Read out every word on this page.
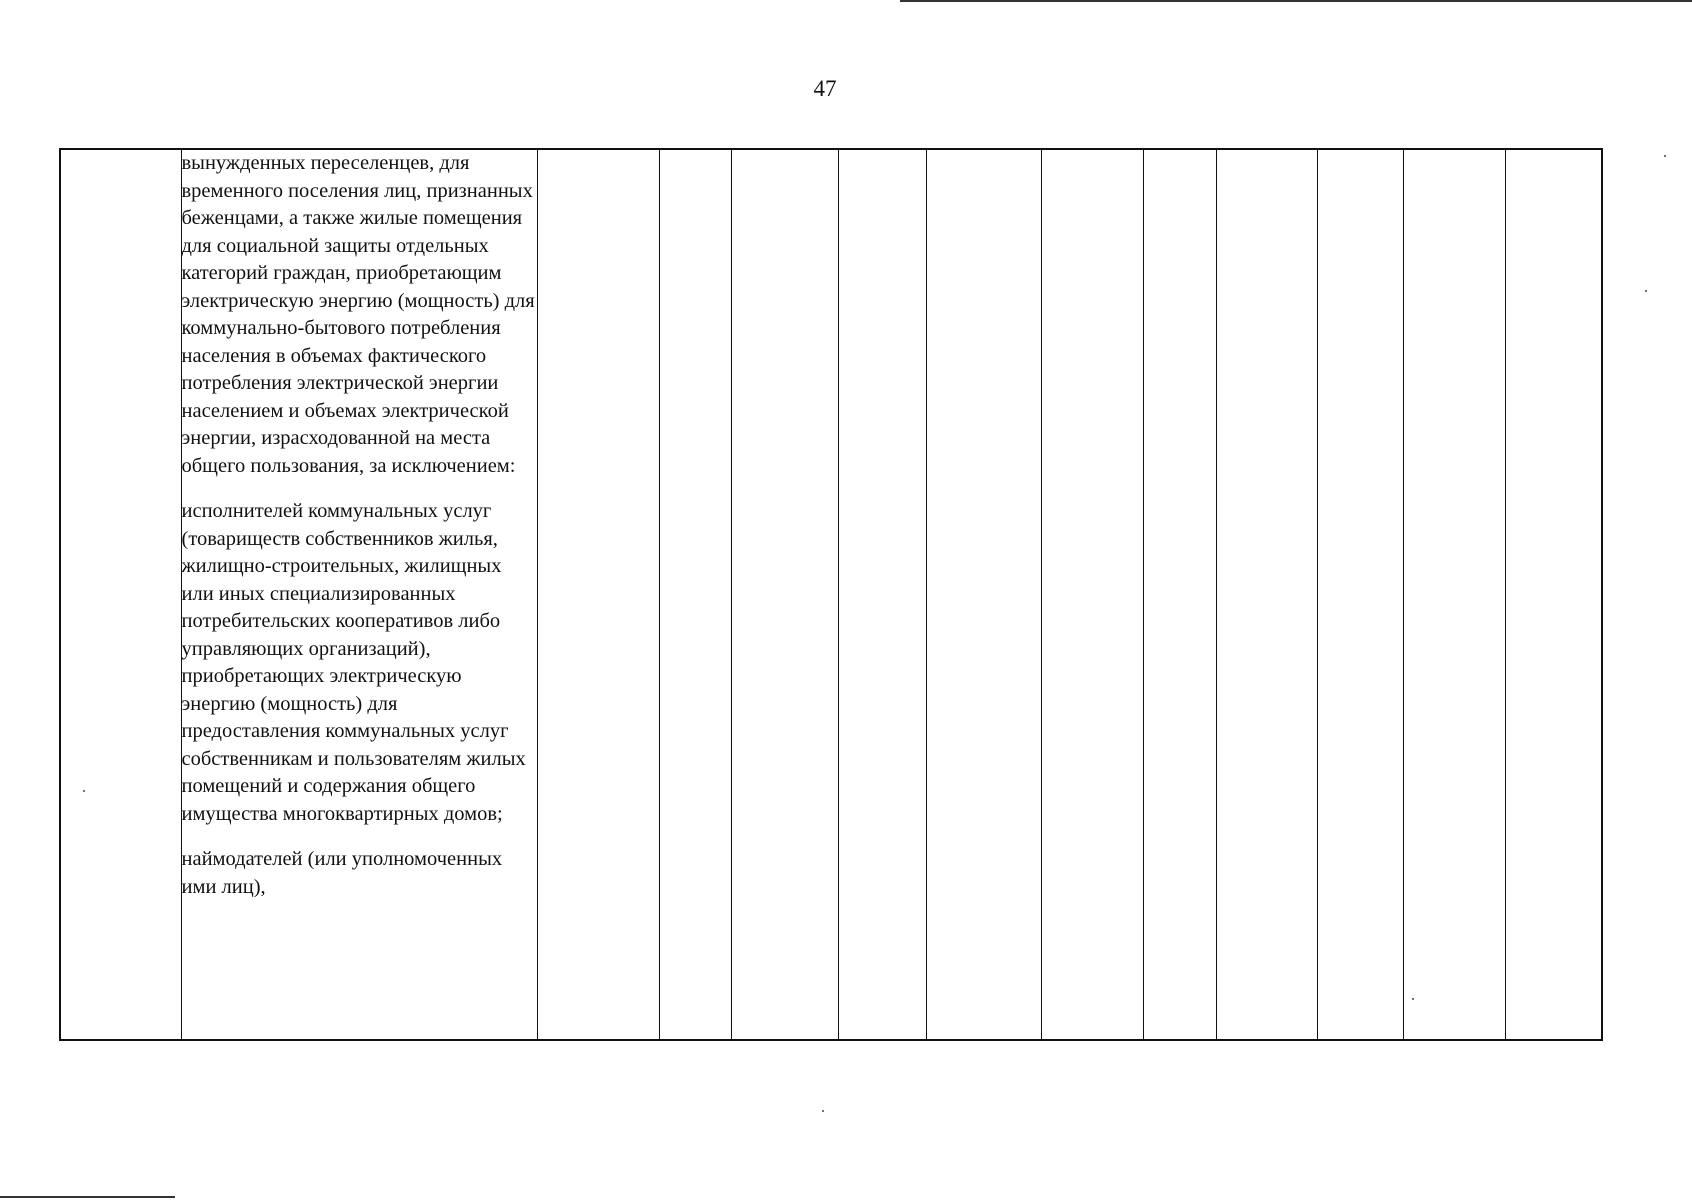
47

вынужденных переселенцев, для временного поселения лиц, признанных беженцами, а также жилые помещения для социальной защиты отдельных категорий граждан, приобретающим электрическую энергию (мощность) для коммунально-бытового потребления населения в объемах фактического потребления электрической энергии населением и объемах электрической энергии, израсходованной на места общего пользования, за исключением:

исполнителей коммунальных услуг (товариществ собственников жилья, жилищно-строительных, жилищных или иных специализированных потребительских кооперативов либо управляющих организаций), приобретающих электрическую энергию (мощность) для предоставления коммунальных услуг собственникам и пользователям жилых помещений и содержания общего имущества многоквартирных домов;

наймодателей (или уполномоченных ими лиц),
